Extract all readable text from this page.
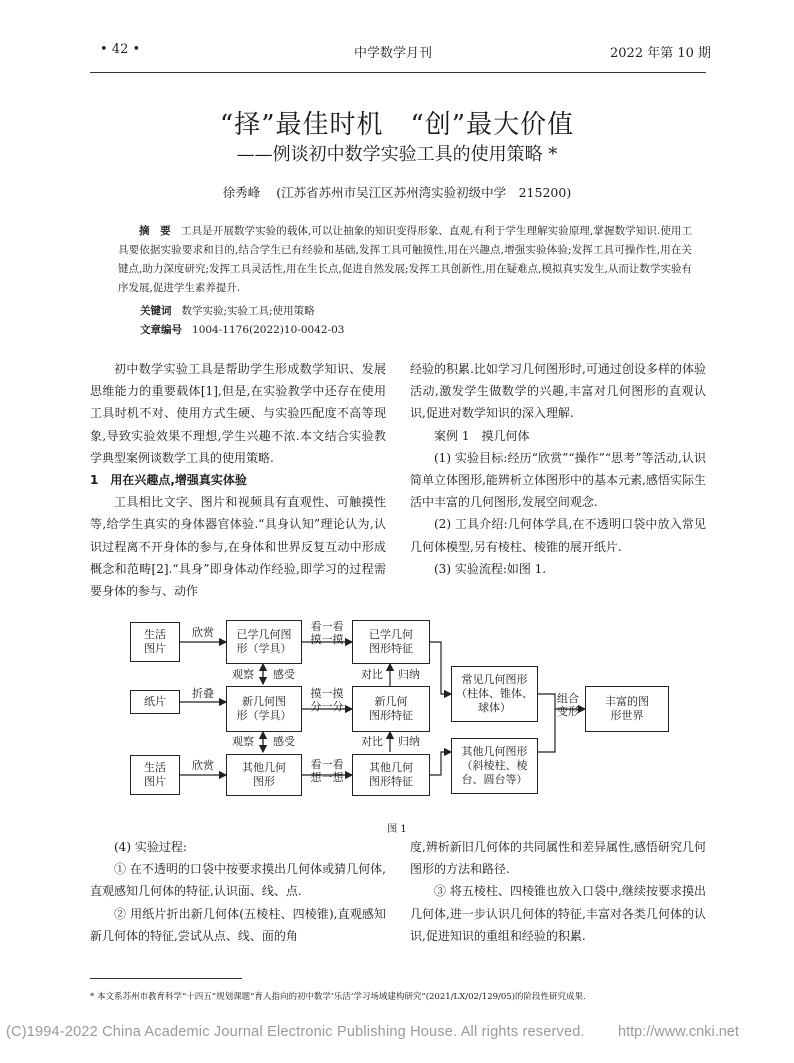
• 42 •	中学数学月刊	2022 年第 10 期
“择”最佳时机　“创”最大价值
——例谈初中数学实验工具的使用策略 *
徐秀峰 (江苏省苏州市吴江区苏州湾实验初级中学　215200)

摘　要 工具是开展数学实验的载体,可以让抽象的知识变得形象、直观,有利于学生理解实验原理,掌握数学知识.使用工具要依据实验要求和目的,结合学生已有经验和基础,发挥工具可触摸性,用在兴趣点,增强实验体验;发挥工具可操作性,用在关键点,助力深度研究;发挥工具灵活性,用在生长点,促进自然发展;发挥工具创新性,用在疑难点,模拟真实发生,从而让数学实验有序发展,促进学生素养提升.

关键词 数学实验;实验工具;使用策略
文章编号 1004-1176(2022)10-0042-03

初中数学实验工具是帮助学生形成数学知识、发展思维能力的重要载体[1],但是,在实验教学中还存在使用工具时机不对、使用方式生硬、与实验匹配度不高等现象,导致实验效果不理想,学生兴趣不浓.本文结合实验教学典型案例谈数学工具的使用策略.

1　用在兴趣点,增强真实体验

工具相比文字、图片和视频具有直观性、可触摸性等,给学生真实的身体器官体验.“具身认知”理论认为,认识过程离不开身体的参与,在身体和世界反复互动中形成概念和范畴[2].“具身”即身体动作经验,即学习的过程需要身体的参与、动作

经验的积累.比如学习几何图形时,可通过创设多样的体验活动,激发学生做数学的兴趣,丰富对几何图形的直观认识,促进对数学知识的深入理解.

案例 1　摸几何体

(1) 实验目标:经历“欣赏”“操作”“思考”等活动,认识简单立体图形,能辨析立体图形中的基本元素,感悟实际生活中丰富的几何图形,发展空间观念.

(2) 工具介绍:几何体学具,在不透明口袋中放入常见几何体模型,另有棱柱、棱锥的展开纸片.

(3) 实验流程:如图 1.

生活
图片
已学几何图
形（学具）
已学几何
图形特征
常见几何图形
（柱体、锥体、
球体）
纸片	新几何图
形（学具）
新几何
图形特征
丰富的图
形世界
生活
图片
其他几何
图形
其他几何
图形特征
其他几何图形
（斜棱柱、棱
台、圆台等）
欣赏	看一看
摸一摸
观察	感受	对比	归纳
折叠	摸一摸
分一分
组合
变形
观察	感受	对比	归纳
欣赏	看一看
想一想
图 1

(4) 实验过程:

① 在不透明的口袋中按要求摸出几何体或猜几何体,直观感知几何体的特征,认识面、线、点.

② 用纸片折出新几何体(五棱柱、四棱锥),直观感知新几何体的特征,尝试从点、线、面的角

度,辨析新旧几何体的共同属性和差异属性,感悟研究几何图形的方法和路径.

③ 将五棱柱、四棱锥也放入口袋中,继续按要求摸出几何体,进一步认识几何体的特征,丰富对各类几何体的认识,促进知识的重组和经验的积累.

* 本文系苏州市教育科学“十四五”规划课题“育人指向的初中数学‘乐活’学习场域建构研究”(2021/LX/02/129/05)的阶段性研究成果.
(C)1994-2022 China Academic Journal Electronic Publishing House. All rights reserved. http://www.cnki.net
